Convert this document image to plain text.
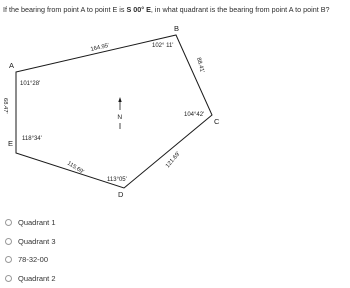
If the bearing from point A to point E is S 00° E, in what quadrant is the bearing from point A to point B?
A
B
C
D
E
164.95'
88.41'
121.69'
115.69'
68.47'
101°28'
102° 11'
104°42'
113°05'
118°34'
N
Quadrant 1
Quadrant 3
78-32-00
Quadrant 2
